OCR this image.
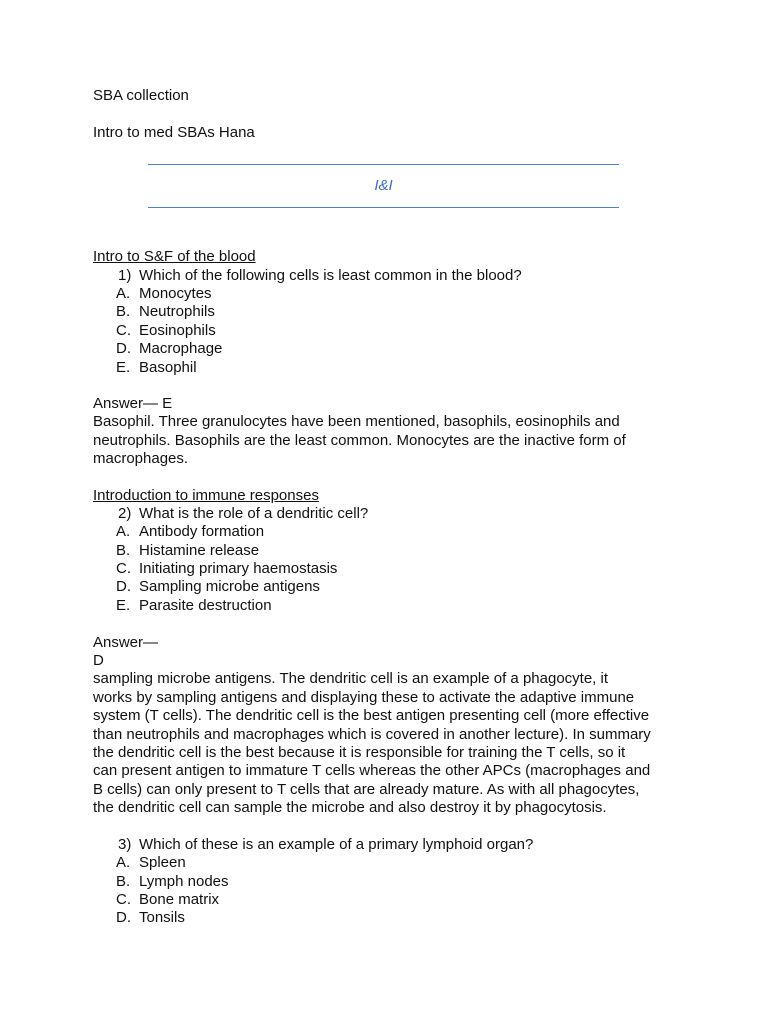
SBA collection
Intro to med SBAs Hana
I&I
Intro to S&F of the blood
1) Which of the following cells is least common in the blood?
A. Monocytes
B. Neutrophils
C. Eosinophils
D. Macrophage
E. Basophil
Answer— E
Basophil. Three granulocytes have been mentioned, basophils, eosinophils and
neutrophils. Basophils are the least common. Monocytes are the inactive form of
macrophages.
Introduction to immune responses
2) What is the role of a dendritic cell?
A. Antibody formation
B. Histamine release
C. Initiating primary haemostasis
D. Sampling microbe antigens
E. Parasite destruction
Answer—
D
sampling microbe antigens. The dendritic cell is an example of a phagocyte, it
works by sampling antigens and displaying these to activate the adaptive immune
system (T cells). The dendritic cell is the best antigen presenting cell (more effective
than neutrophils and macrophages which is covered in another lecture). In summary
the dendritic cell is the best because it is responsible for training the T cells, so it
can present antigen to immature T cells whereas the other APCs (macrophages and
B cells) can only present to T cells that are already mature. As with all phagocytes,
the dendritic cell can sample the microbe and also destroy it by phagocytosis.
3) Which of these is an example of a primary lymphoid organ?
A. Spleen
B. Lymph nodes
C. Bone matrix
D. Tonsils
